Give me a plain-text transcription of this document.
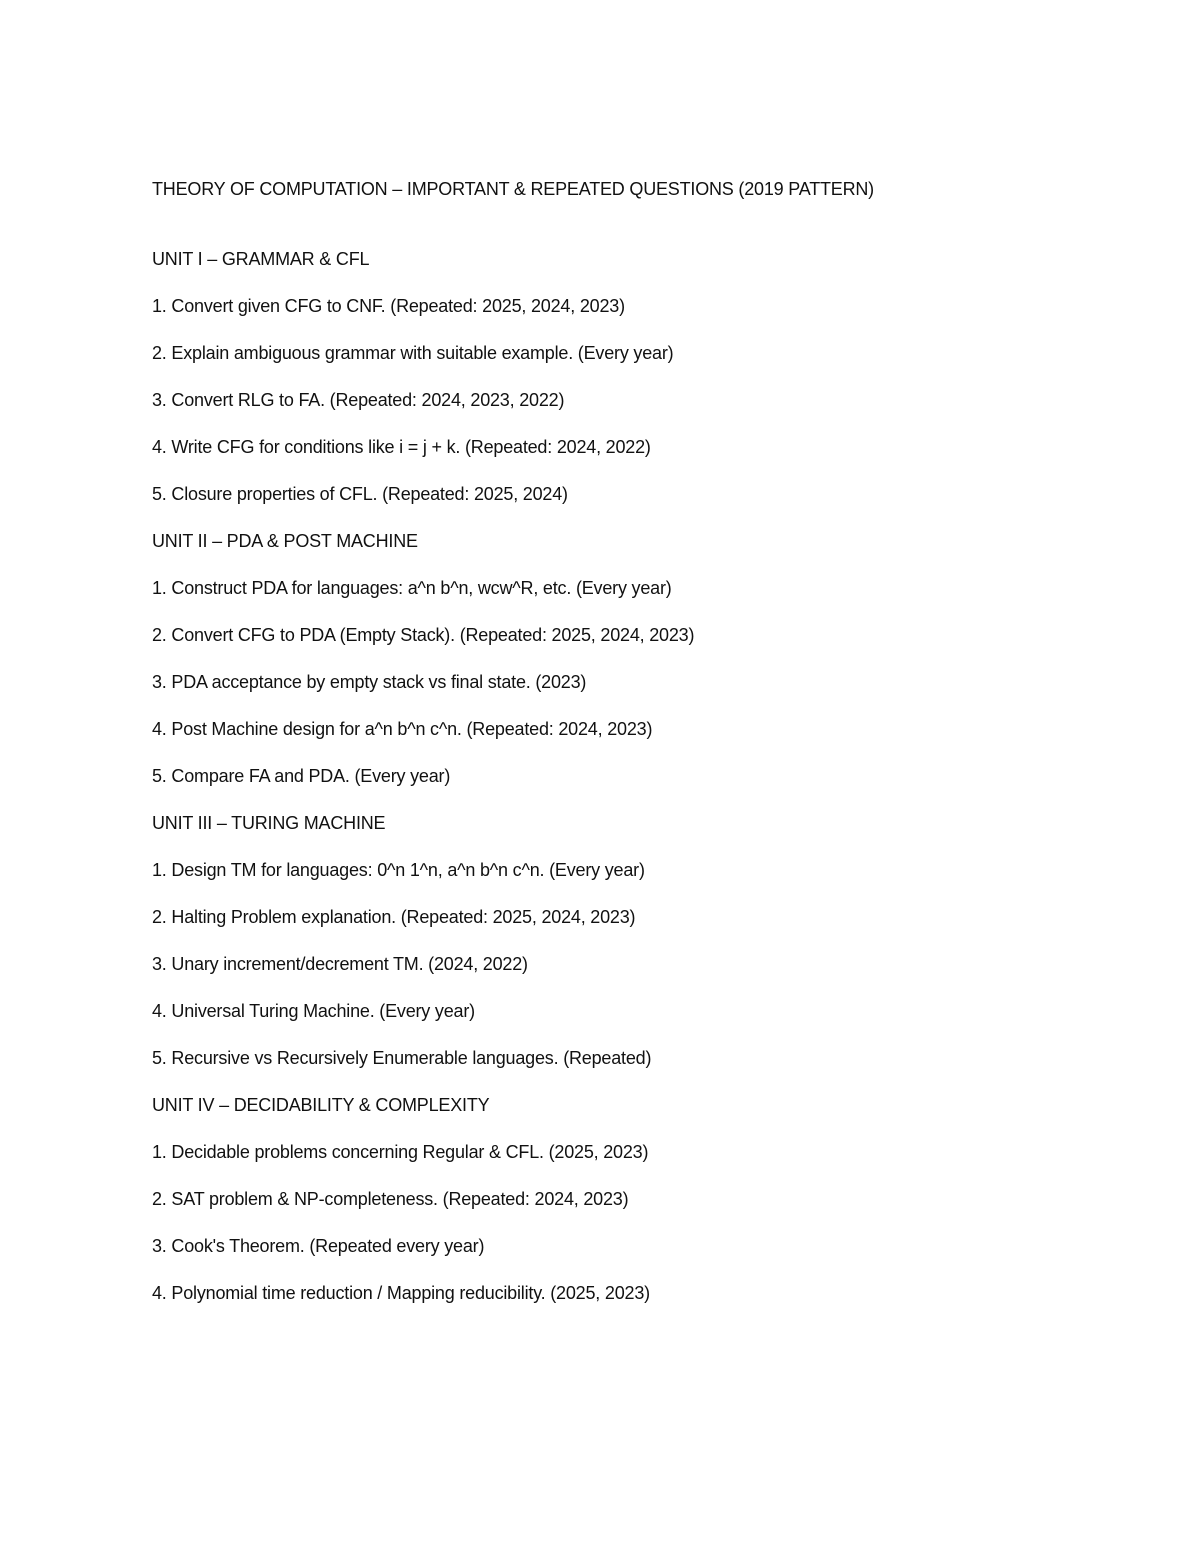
THEORY OF COMPUTATION – IMPORTANT & REPEATED QUESTIONS (2019 PATTERN)
UNIT I – GRAMMAR & CFL
1. Convert given CFG to CNF. (Repeated: 2025, 2024, 2023)
2. Explain ambiguous grammar with suitable example. (Every year)
3. Convert RLG to FA. (Repeated: 2024, 2023, 2022)
4. Write CFG for conditions like i = j + k. (Repeated: 2024, 2022)
5. Closure properties of CFL. (Repeated: 2025, 2024)
UNIT II – PDA & POST MACHINE
1. Construct PDA for languages: a^n b^n, wcw^R, etc. (Every year)
2. Convert CFG to PDA (Empty Stack). (Repeated: 2025, 2024, 2023)
3. PDA acceptance by empty stack vs final state. (2023)
4. Post Machine design for a^n b^n c^n. (Repeated: 2024, 2023)
5. Compare FA and PDA. (Every year)
UNIT III – TURING MACHINE
1. Design TM for languages: 0^n 1^n, a^n b^n c^n. (Every year)
2. Halting Problem explanation. (Repeated: 2025, 2024, 2023)
3. Unary increment/decrement TM. (2024, 2022)
4. Universal Turing Machine. (Every year)
5. Recursive vs Recursively Enumerable languages. (Repeated)
UNIT IV – DECIDABILITY & COMPLEXITY
1. Decidable problems concerning Regular & CFL. (2025, 2023)
2. SAT problem & NP-completeness. (Repeated: 2024, 2023)
3. Cook's Theorem. (Repeated every year)
4. Polynomial time reduction / Mapping reducibility. (2025, 2023)
